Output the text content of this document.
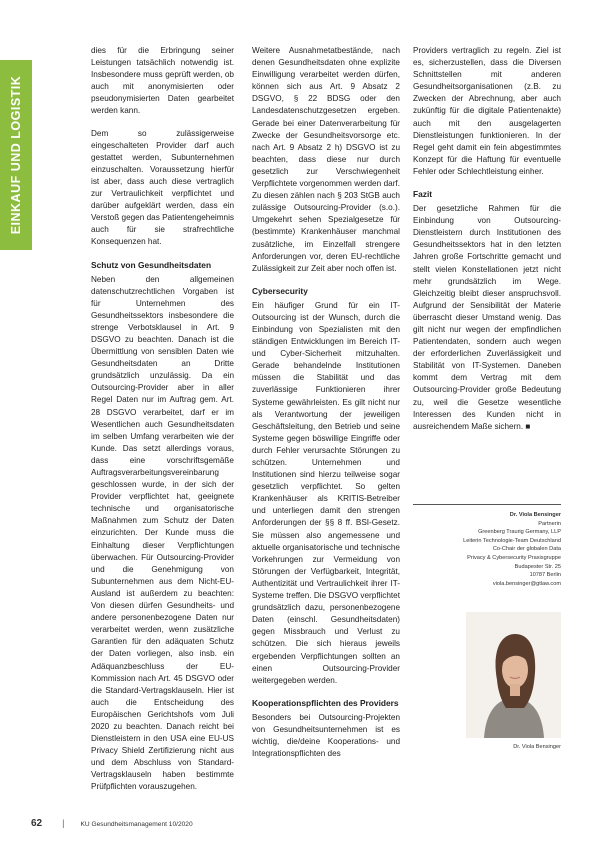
EINKAUF UND LOGISTIK

dies für die Erbringung seiner Leistungen tatsächlich notwendig ist. Insbesondere muss geprüft werden, ob auch mit anonymisierten oder pseudonymisierten Daten gearbeitet werden kann.

Dem so zulässigerweise eingeschalteten Provider darf auch gestattet werden, Subunternehmen einzuschalten. Voraussetzung hierfür ist aber, dass auch diese vertraglich zur Vertraulichkeit verpflichtet und darüber aufgeklärt werden, dass ein Verstoß gegen das Patientengeheimnis auch für sie strafrechtliche Konsequenzen hat.

Schutz von Gesundheitsdaten

Neben den allgemeinen datenschutzrechtlichen Vorgaben ist für Unternehmen des Gesundheitssektors insbesondere die strenge Verbotsklausel in Art. 9 DSGVO zu beachten. Danach ist die Übermittlung von sensiblen Daten wie Gesundheitsdaten an Dritte grundsätzlich unzulässig. Da ein Outsourcing-Provider aber in aller Regel Daten nur im Auftrag gem. Art. 28 DSGVO verarbeitet, darf er im Wesentlichen auch Gesundheitsdaten im selben Umfang verarbeiten wie der Kunde. Das setzt allerdings voraus, dass eine vorschriftsgemäße Auftragsverarbeitungsvereinbarung geschlossen wurde, in der sich der Provider verpflichtet hat, geeignete technische und organisatorische Maßnahmen zum Schutz der Daten einzurichten. Der Kunde muss die Einhaltung dieser Verpflichtungen überwachen. Für Outsourcing-Provider und die Genehmigung von Subunternehmen aus dem Nicht-EU-Ausland ist außerdem zu beachten: Von diesen dürfen Gesundheits- und andere personenbezogene Daten nur verarbeitet werden, wenn zusätzliche Garantien für den adäquaten Schutz der Daten vorliegen, also insb. ein Adäquanzbeschluss der EU-Kommission nach Art. 45 DSGVO oder die Standard-Vertragsklauseln. Hier ist auch die Entscheidung des Europäischen Gerichtshofs vom Juli 2020 zu beachten. Danach reicht bei Dienstleistern in den USA eine EU-US Privacy Shield Zertifizierung nicht aus und dem Abschluss von Standard-Vertragsklauseln haben bestimmte Prüfpflichten vorauszugehen.

Weitere Ausnahmetatbestände, nach denen Gesundheitsdaten ohne explizite Einwilligung verarbeitet werden dürfen, können sich aus Art. 9 Absatz 2 DSGVO, § 22 BDSG oder den Landesdatenschutzgesetzen ergeben. Gerade bei einer Datenverarbeitung für Zwecke der Gesundheitsvorsorge etc. nach Art. 9 Absatz 2 h) DSGVO ist zu beachten, dass diese nur durch gesetzlich zur Verschwiegenheit Verpflichtete vorgenommen werden darf. Zu diesen zählen nach § 203 StGB auch zulässige Outsourcing-Provider (s.o.). Umgekehrt sehen Spezialgesetze für (bestimmte) Krankenhäuser manchmal zusätzliche, im Einzelfall strengere Anforderungen vor, deren EU-rechtliche Zulässigkeit zur Zeit aber noch offen ist.

Cybersecurity

Ein häufiger Grund für ein IT-Outsourcing ist der Wunsch, durch die Einbindung von Spezialisten mit den ständigen Entwicklungen im Bereich IT- und Cyber-Sicherheit mitzuhalten. Gerade behandelnde Institutionen müssen die Stabilität und das zuverlässige Funktionieren ihrer Systeme gewährleisten. Es gilt nicht nur als Verantwortung der jeweiligen Geschäftsleitung, den Betrieb und seine Systeme gegen böswillige Eingriffe oder durch Fehler verursachte Störungen zu schützen. Unternehmen und Institutionen sind hierzu teilweise sogar gesetzlich verpflichtet. So gelten Krankenhäuser als KRITIS-Betreiber und unterliegen damit den strengen Anforderungen der §§ 8 ff. BSI-Gesetz. Sie müssen also angemessene und aktuelle organisatorische und technische Vorkehrungen zur Vermeidung von Störungen der Verfügbarkeit, Integrität, Authentizität und Vertraulichkeit ihrer IT-Systeme treffen. Die DSGVO verpflichtet grundsätzlich dazu, personenbezogene Daten (einschl. Gesundheitsdaten) gegen Missbrauch und Verlust zu schützen. Die sich hieraus jeweils ergebenden Verpflichtungen sollten an einen Outsourcing-Provider weitergegeben werden.

Kooperationspflichten des Providers

Besonders bei Outsourcing-Projekten von Gesundheitsunternehmen ist es wichtig, die/deine Kooperations- und Integrationspflichten des

Providers vertraglich zu regeln. Ziel ist es, sicherzustellen, dass die Diversen Schnittstellen mit anderen Gesundheitsorganisationen (z.B. zu Zwecken der Abrechnung, aber auch zukünftig für die digitale Patientenakte) auch mit den ausgelagerten Dienstleistungen funktionieren. In der Regel geht damit ein fein abgestimmtes Konzept für die Haftung für eventuelle Fehler oder Schlechtleistung einher.

Fazit

Der gesetzliche Rahmen für die Einbindung von Outsourcing-Dienstleistern durch Institutionen des Gesundheitssektors hat in den letzten Jahren große Fortschritte gemacht und stellt vielen Konstellationen jetzt nicht mehr grundsätzlich im Wege. Gleichzeitig bleibt dieser anspruchsvoll. Aufgrund der Sensibilität der Materie überrascht dieser Umstand wenig. Das gilt nicht nur wegen der empfindlichen Patientendaten, sondern auch wegen der erforderlichen Zuverlässigkeit und Stabilität von IT-Systemen. Daneben kommt dem Vertrag mit dem Outsourcing-Provider große Bedeutung zu, weil die Gesetze wesentliche Interessen des Kunden nicht in ausreichendem Maße sichern. ■

Dr. Viola Bensinger
Partnerin
Greenberg Traurig Germany, LLP
Leiterin Technologie-Team Deutschland
Co-Chair der globalen Data
Privacy & Cybersecurity Praxisgruppe
Budapester Str. 25
10787 Berlin
viola.bensinger@gtlaw.com
Dr. Viola Bensinger
62 | KU Gesundheitsmanagement 10/2020
